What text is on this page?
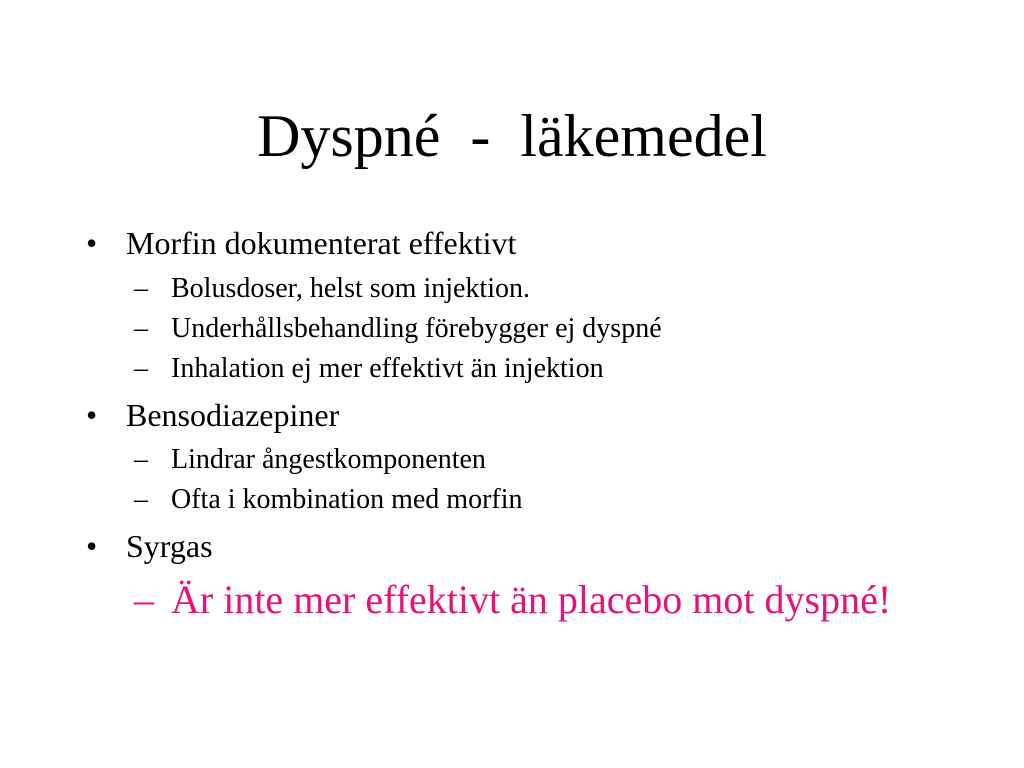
Dyspné  -  läkemedel
• Morfin dokumenterat effektivt
– Bolusdoser, helst som injektion.
– Underhållsbehandling förebygger ej dyspné
– Inhalation ej mer effektivt än injektion
• Bensodiazepiner
– Lindrar ångestkomponenten
– Ofta i kombination med morfin
• Syrgas
– Är inte mer effektivt än placebo mot dyspné!
